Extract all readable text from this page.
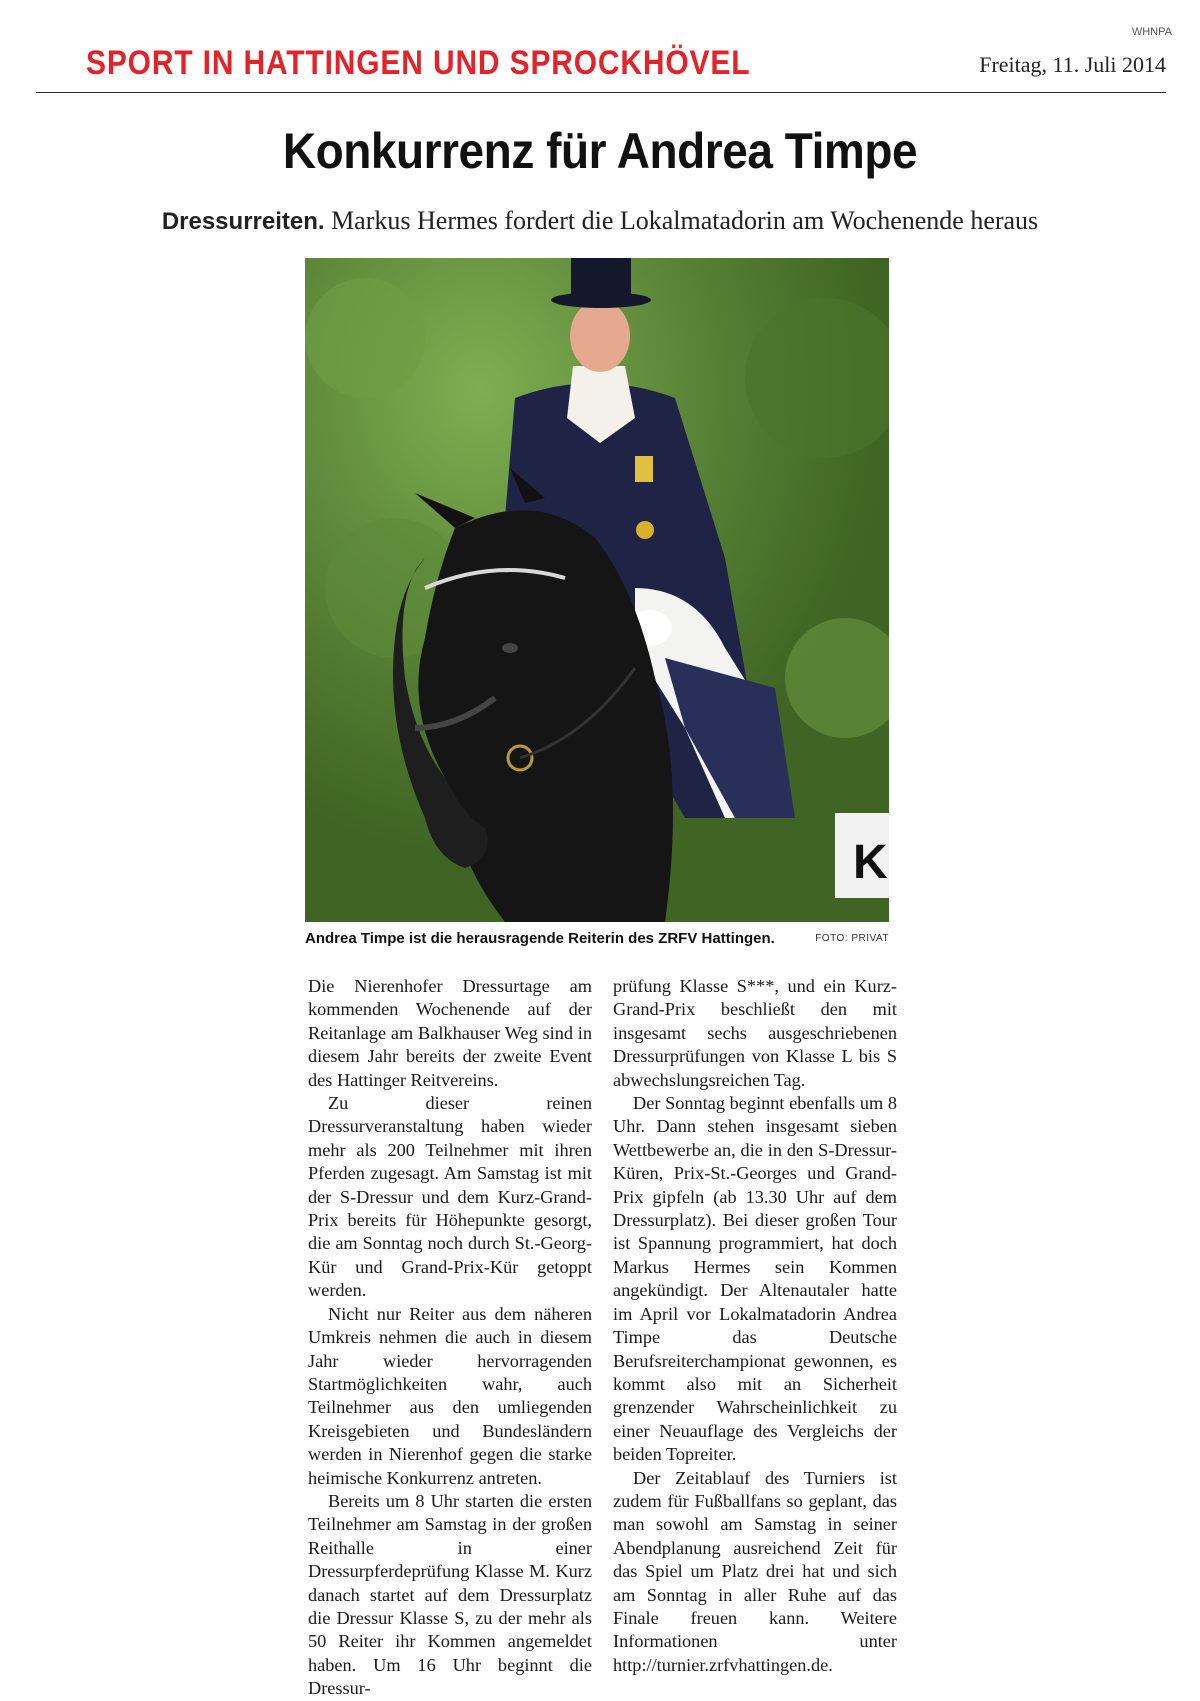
WHNPA
SPORT IN HATTINGEN UND SPROCKHÖVEL	Freitag, 11. Juli 2014
Konkurrenz für Andrea Timpe
Dressurreiten. Markus Hermes fordert die Lokalmatadorin am Wochenende heraus
K
Andrea Timpe ist die herausragende Reiterin des ZRFV Hattingen.	FOTO: PRIVAT

Die Nierenhofer Dressurtage am kommenden Wochenende auf der Reitanlage am Balkhauser Weg sind in diesem Jahr bereits der zweite Event des Hattinger Reitvereins.

Zu dieser reinen Dressurveranstaltung haben wieder mehr als 200 Teilnehmer mit ihren Pferden zugesagt. Am Samstag ist mit der S-Dressur und dem Kurz-Grand-Prix bereits für Höhepunkte gesorgt, die am Sonntag noch durch St.-Georg-Kür und Grand-Prix-Kür getoppt werden.

Nicht nur Reiter aus dem näheren Umkreis nehmen die auch in diesem Jahr wieder hervorragenden Startmöglichkeiten wahr, auch Teilnehmer aus den umliegenden Kreisgebieten und Bundesländern werden in Nierenhof gegen die starke heimische Konkurrenz antreten.

Bereits um 8 Uhr starten die ersten Teilnehmer am Samstag in der großen Reithalle in einer Dressurpferdeprüfung Klasse M. Kurz danach startet auf dem Dressurplatz die Dressur Klasse S, zu der mehr als 50 Reiter ihr Kommen angemeldet haben. Um 16 Uhr beginnt die Dressur-

prüfung Klasse S***, und ein Kurz-Grand-Prix beschließt den mit insgesamt sechs ausgeschriebenen Dressurprüfungen von Klasse L bis S abwechslungsreichen Tag.

Der Sonntag beginnt ebenfalls um 8 Uhr. Dann stehen insgesamt sieben Wettbewerbe an, die in den S-Dressur-Küren, Prix-St.-Georges und Grand-Prix gipfeln (ab 13.30 Uhr auf dem Dressurplatz). Bei dieser großen Tour ist Spannung programmiert, hat doch Markus Hermes sein Kommen angekündigt. Der Altenautaler hatte im April vor Lokalmatadorin Andrea Timpe das Deutsche Berufsreiterchampionat gewonnen, es kommt also mit an Sicherheit grenzender Wahrscheinlichkeit zu einer Neuauflage des Vergleichs der beiden Topreiter.

Der Zeitablauf des Turniers ist zudem für Fußballfans so geplant, das man sowohl am Samstag in seiner Abendplanung ausreichend Zeit für das Spiel um Platz drei hat und sich am Sonntag in aller Ruhe auf das Finale freuen kann. Weitere Informationen unter http://turnier.zrfvhattingen.de.
